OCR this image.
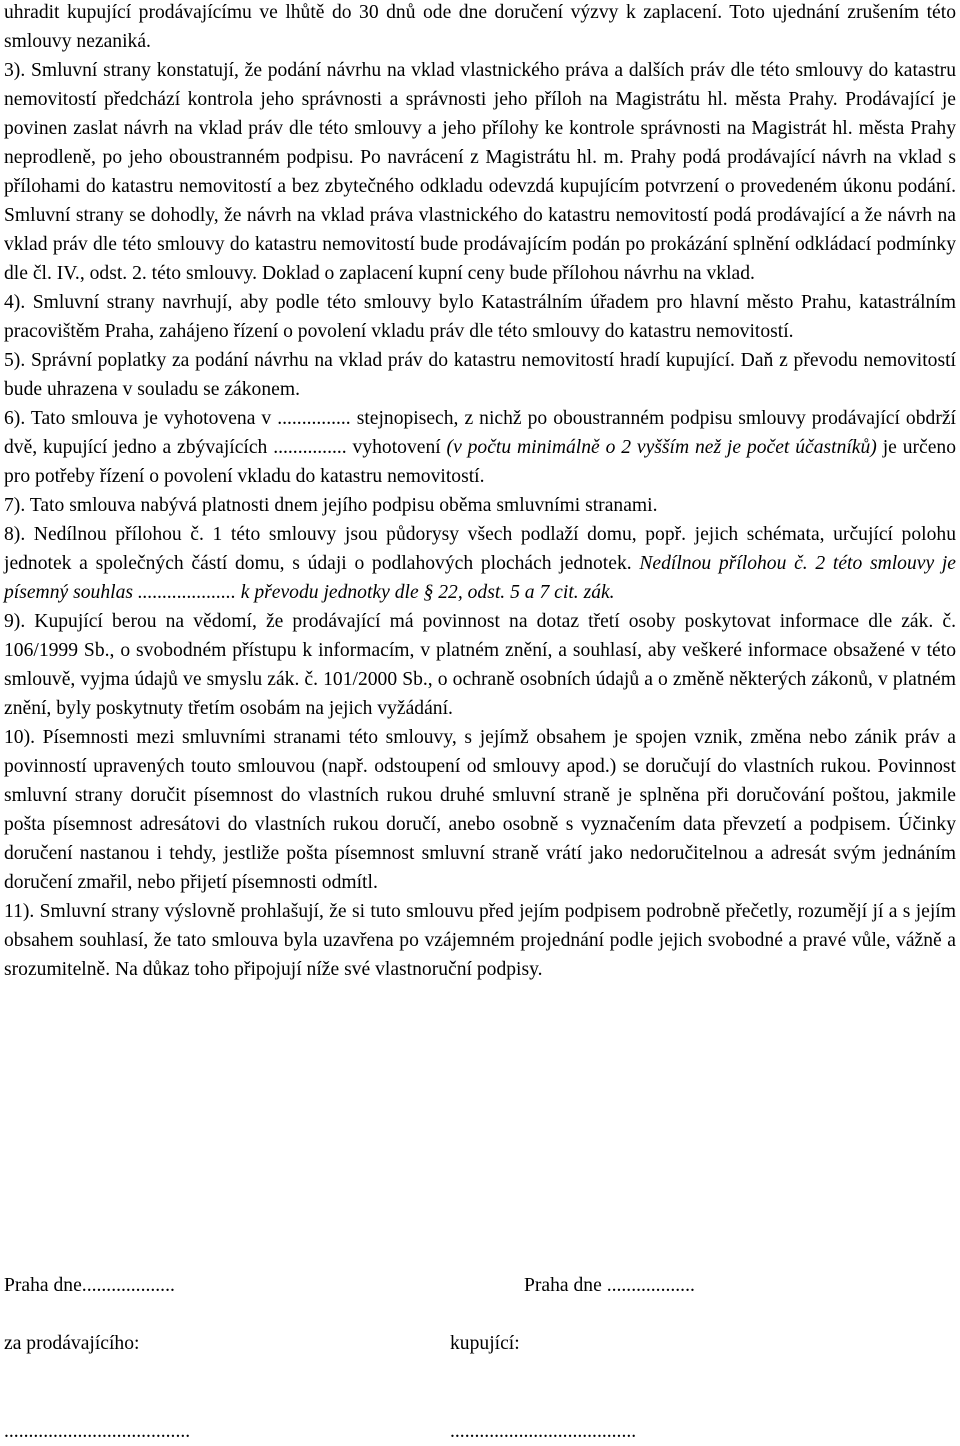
uhradit kupující prodávajícímu ve lhůtě do 30 dnů ode dne doručení výzvy k zaplacení. Toto ujednání zrušením této smlouvy nezaniká.

3). Smluvní strany konstatují, že podání návrhu na vklad vlastnického práva a dalších práv dle této smlouvy do katastru nemovitostí předchází kontrola jeho správnosti a správnosti jeho příloh na Magistrátu hl. města Prahy. Prodávající je povinen zaslat návrh na vklad práv dle této smlouvy a jeho přílohy ke kontrole správnosti na Magistrát hl. města Prahy neprodleně, po jeho oboustranném podpisu. Po navrácení z Magistrátu hl. m. Prahy podá prodávající návrh na vklad s přílohami do katastru nemovitostí a bez zbytečného odkladu odevzdá kupujícím potvrzení o provedeném úkonu podání. Smluvní strany se dohodly, že návrh na vklad práva vlastnického do katastru nemovitostí podá prodávající a že návrh na vklad práv dle této smlouvy do katastru nemovitostí bude prodávajícím podán po prokázání splnění odkládací podmínky dle čl. IV., odst. 2. této smlouvy. Doklad o zaplacení kupní ceny bude přílohou návrhu na vklad.

4). Smluvní strany navrhují, aby podle této smlouvy bylo Katastrálním úřadem pro hlavní město Prahu, katastrálním pracovištěm Praha, zahájeno řízení o povolení vkladu práv dle této smlouvy do katastru nemovitostí.

5). Správní poplatky za podání návrhu na vklad práv do katastru nemovitostí hradí kupující. Daň z převodu nemovitostí bude uhrazena v souladu se zákonem.

6). Tato smlouva je vyhotovena v ............... stejnopisech, z nichž po oboustranném podpisu smlouvy prodávající obdrží dvě, kupující jedno a zbývajících ............... vyhotovení (v počtu minimálně o 2 vyšším než je počet účastníků) je určeno pro potřeby řízení o povolení vkladu do katastru nemovitostí.

7). Tato smlouva nabývá platnosti dnem jejího podpisu oběma smluvními stranami.

8). Nedílnou přílohou č. 1 této smlouvy jsou půdorysy všech podlaží domu, popř. jejich schémata, určující polohu jednotek a společných částí domu, s údaji o podlahových plochách jednotek. Nedílnou přílohou č. 2 této smlouvy je písemný souhlas .................... k převodu jednotky dle § 22, odst. 5 a 7 cit. zák.

9). Kupující berou na vědomí, že prodávající má povinnost na dotaz třetí osoby poskytovat informace dle zák. č. 106/1999 Sb., o svobodném přístupu k informacím, v platném znění, a souhlasí, aby veškeré informace obsažené v této smlouvě, vyjma údajů ve smyslu zák. č. 101/2000 Sb., o ochraně osobních údajů a o změně některých zákonů, v platném znění, byly poskytnuty třetím osobám na jejich vyžádání.

10). Písemnosti mezi smluvními stranami této smlouvy, s jejímž obsahem je spojen vznik, změna nebo zánik práv a povinností upravených touto smlouvou (např. odstoupení od smlouvy apod.) se doručují do vlastních rukou. Povinnost smluvní strany doručit písemnost do vlastních rukou druhé smluvní straně je splněna při doručování poštou, jakmile pošta písemnost adresátovi do vlastních rukou doručí, anebo osobně s vyznačením data převzetí a podpisem. Účinky doručení nastanou i tehdy, jestliže pošta písemnost smluvní straně vrátí jako nedoručitelnou a adresát svým jednáním doručení zmařil, nebo přijetí písemnosti odmítl.

11). Smluvní strany výslovně prohlašují, že si tuto smlouvu před jejím podpisem podrobně přečetly, rozumějí jí a s jejím obsahem souhlasí, že tato smlouva byla uzavřena po vzájemném projednání podle jejich svobodné a pravé vůle, vážně a srozumitelně. Na důkaz toho připojují níže své vlastnoruční podpisy.

Praha dne...................	Praha dne ..................
za prodávajícího:	kupující:
......................................	......................................
